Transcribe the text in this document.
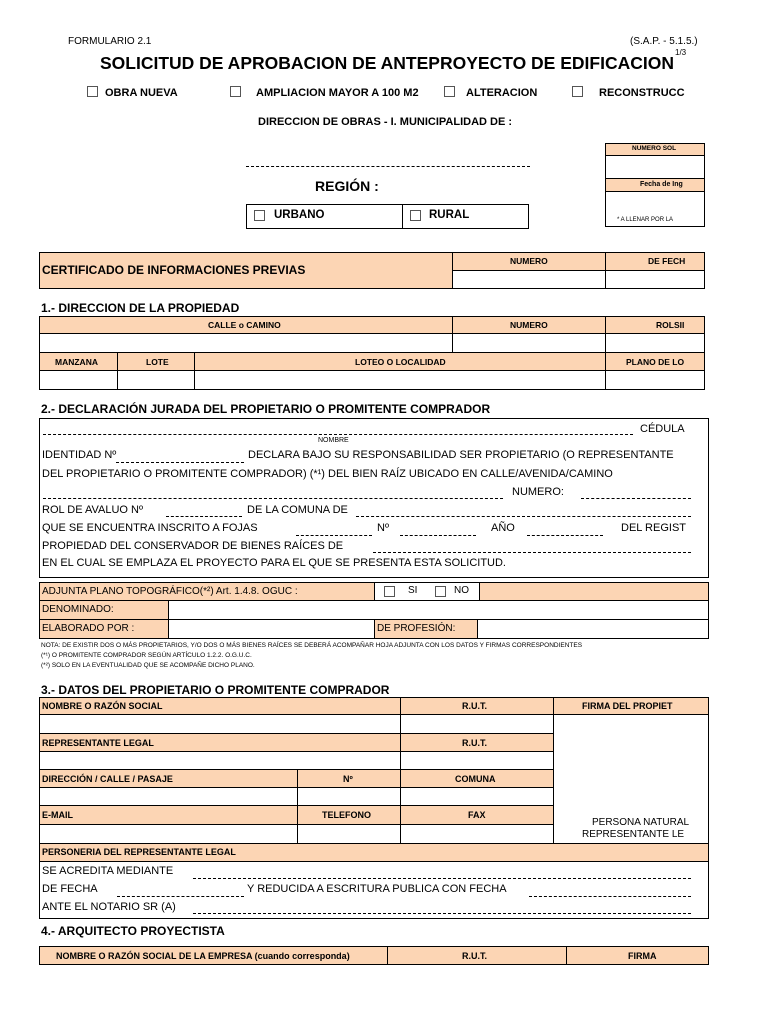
FORMULARIO 2.1	(S.A.P. - 5.1.5.)
1/3
SOLICITUD DE APROBACION DE ANTEPROYECTO DE EDIFICACION
OBRA NUEVA	AMPLIACION MAYOR A 100 M2	ALTERACION	RECONSTRUCC
DIRECCION DE OBRAS - I. MUNICIPALIDAD DE :
REGIÓN :
URBANO	RURAL
NUMERO SOL
Fecha de Ing
* A LLENAR POR LA
CERTIFICADO DE INFORMACIONES PREVIAS
NUMERO	DE FECH
1.- DIRECCION DE LA PROPIEDAD
CALLE o CAMINO	NUMERO	ROLSII
MANZANA	LOTE	LOTEO O LOCALIDAD	PLANO DE LO
2.- DECLARACIÓN JURADA DEL PROPIETARIO O PROMITENTE COMPRADOR
CÉDULA
NOMBRE
IDENTIDAD Nº	DECLARA BAJO SU RESPONSABILIDAD SER PROPIETARIO (O REPRESENTANTE
DEL PROPIETARIO O PROMITENTE COMPRADOR) (*¹) DEL BIEN RAÍZ UBICADO EN CALLE/AVENIDA/CAMINO
NUMERO:
ROL DE AVALUO Nº	DE LA COMUNA DE
QUE SE ENCUENTRA INSCRITO A FOJAS	Nº	AÑO	DEL REGIST
PROPIEDAD DEL CONSERVADOR DE BIENES RAÍCES DE
EN EL CUAL SE EMPLAZA EL PROYECTO PARA EL QUE SE PRESENTA ESTA SOLICITUD.
ADJUNTA PLANO TOPOGRÁFICO(*²) Art. 1.4.8. OGUC :	SI	NO
DENOMINADO:
ELABORADO POR :	DE PROFESIÓN:
NOTA: DE EXISTIR DOS O MÁS PROPIETARIOS, Y/O DOS O MÁS BIENES RAÍCES SE DEBERÁ ACOMPAÑAR HOJA ADJUNTA CON LOS DATOS Y FIRMAS CORRESPONDIENTES
(*¹) O PROMITENTE COMPRADOR SEGÚN ARTÍCULO 1.2.2. O.G.U.C.
(*²) SOLO EN LA EVENTUALIDAD QUE SE ACOMPAÑE DICHO PLANO.
3.- DATOS DEL PROPIETARIO O PROMITENTE COMPRADOR
NOMBRE O RAZÓN SOCIAL	R.U.T.	FIRMA DEL PROPIET
PERSONA NATURAL
REPRESENTANTE LE
REPRESENTANTE LEGAL	R.U.T.
DIRECCIÓN / CALLE / PASAJE	Nº	COMUNA
E-MAIL	TELEFONO	FAX
PERSONERIA DEL REPRESENTANTE LEGAL
SE ACREDITA MEDIANTE
DE FECHA	Y REDUCIDA A ESCRITURA PUBLICA CON FECHA
ANTE EL NOTARIO SR (A)
4.- ARQUITECTO PROYECTISTA
NOMBRE O RAZÓN SOCIAL DE LA EMPRESA (cuando corresponda)	R.U.T.	FIRMA
